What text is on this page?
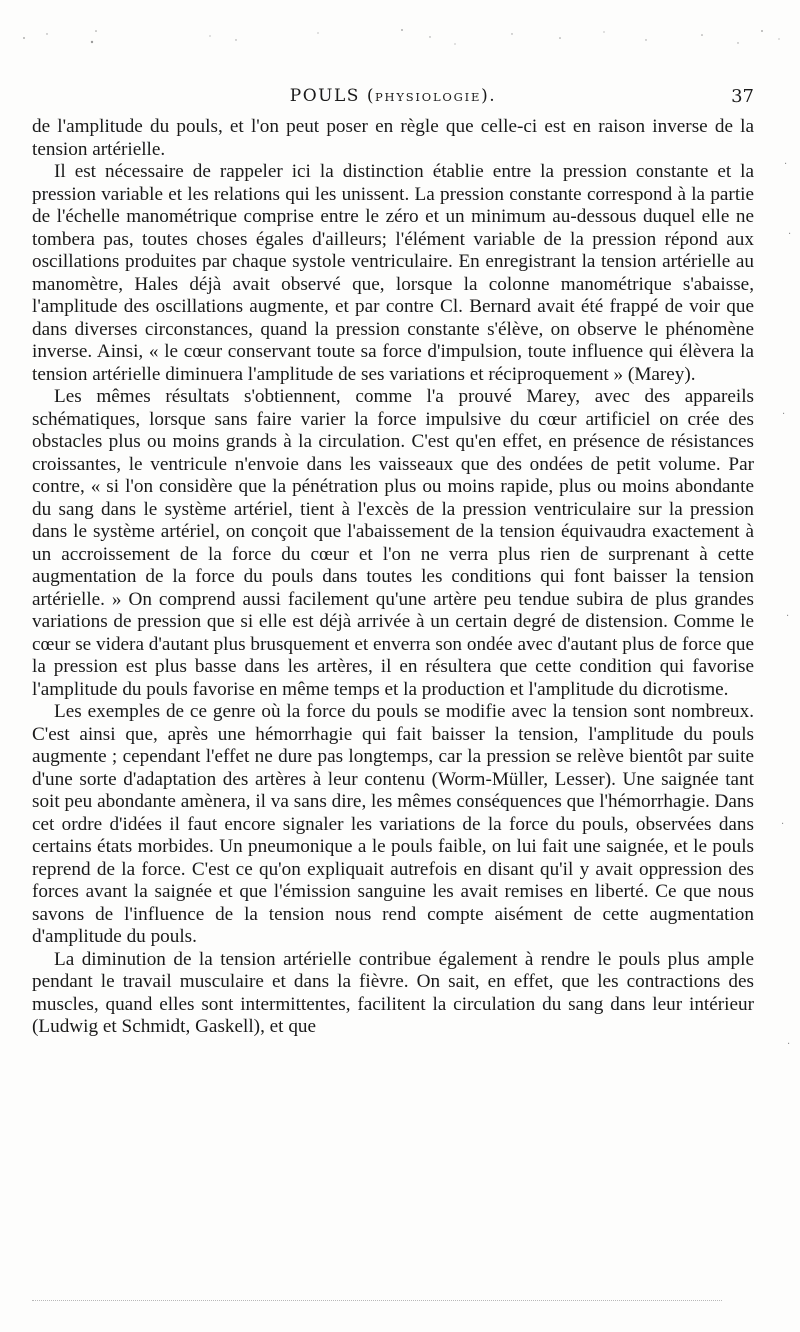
POULS (PHYSIOLOGIE).	37

de l'amplitude du pouls, et l'on peut poser en règle que celle-ci est en raison inverse de la tension artérielle.

Il est nécessaire de rappeler ici la distinction établie entre la pression constante et la pression variable et les relations qui les unissent. La pression constante correspond à la partie de l'échelle manométrique comprise entre le zéro et un minimum au-dessous duquel elle ne tombera pas, toutes choses égales d'ailleurs; l'élément variable de la pression répond aux oscillations produites par chaque systole ventriculaire. En enregistrant la tension artérielle au manomètre, Hales déjà avait observé que, lorsque la colonne manométrique s'abaisse, l'amplitude des oscillations augmente, et par contre Cl. Bernard avait été frappé de voir que dans diverses circonstances, quand la pression constante s'élève, on observe le phénomène inverse. Ainsi, « le cœur conservant toute sa force d'impulsion, toute influence qui élèvera la tension artérielle diminuera l'amplitude de ses variations et réciproquement » (Marey).

Les mêmes résultats s'obtiennent, comme l'a prouvé Marey, avec des appareils schématiques, lorsque sans faire varier la force impulsive du cœur artificiel on crée des obstacles plus ou moins grands à la circulation. C'est qu'en effet, en présence de résistances croissantes, le ventricule n'envoie dans les vaisseaux que des ondées de petit volume. Par contre, « si l'on considère que la pénétration plus ou moins rapide, plus ou moins abondante du sang dans le système artériel, tient à l'excès de la pression ventriculaire sur la pression dans le système artériel, on conçoit que l'abaissement de la tension équivaudra exactement à un accroissement de la force du cœur et l'on ne verra plus rien de surprenant à cette augmentation de la force du pouls dans toutes les conditions qui font baisser la tension artérielle. » On comprend aussi facilement qu'une artère peu tendue subira de plus grandes variations de pression que si elle est déjà arrivée à un certain degré de distension. Comme le cœur se videra d'autant plus brusquement et enverra son ondée avec d'autant plus de force que la pression est plus basse dans les artères, il en résultera que cette condition qui favorise l'amplitude du pouls favorise en même temps et la production et l'amplitude du dicrotisme.

Les exemples de ce genre où la force du pouls se modifie avec la tension sont nombreux. C'est ainsi que, après une hémorrhagie qui fait baisser la tension, l'amplitude du pouls augmente ; cependant l'effet ne dure pas longtemps, car la pression se relève bientôt par suite d'une sorte d'adaptation des artères à leur contenu (Worm-Müller, Lesser). Une saignée tant soit peu abondante amènera, il va sans dire, les mêmes conséquences que l'hémorrhagie. Dans cet ordre d'idées il faut encore signaler les variations de la force du pouls, observées dans certains états morbides. Un pneumonique a le pouls faible, on lui fait une saignée, et le pouls reprend de la force. C'est ce qu'on expliquait autrefois en disant qu'il y avait oppression des forces avant la saignée et que l'émission sanguine les avait remises en liberté. Ce que nous savons de l'influence de la tension nous rend compte aisément de cette augmentation d'amplitude du pouls.

La diminution de la tension artérielle contribue également à rendre le pouls plus ample pendant le travail musculaire et dans la fièvre. On sait, en effet, que les contractions des muscles, quand elles sont intermittentes, facilitent la circulation du sang dans leur intérieur (Ludwig et Schmidt, Gaskell), et que

·
·
·
·
·
·
